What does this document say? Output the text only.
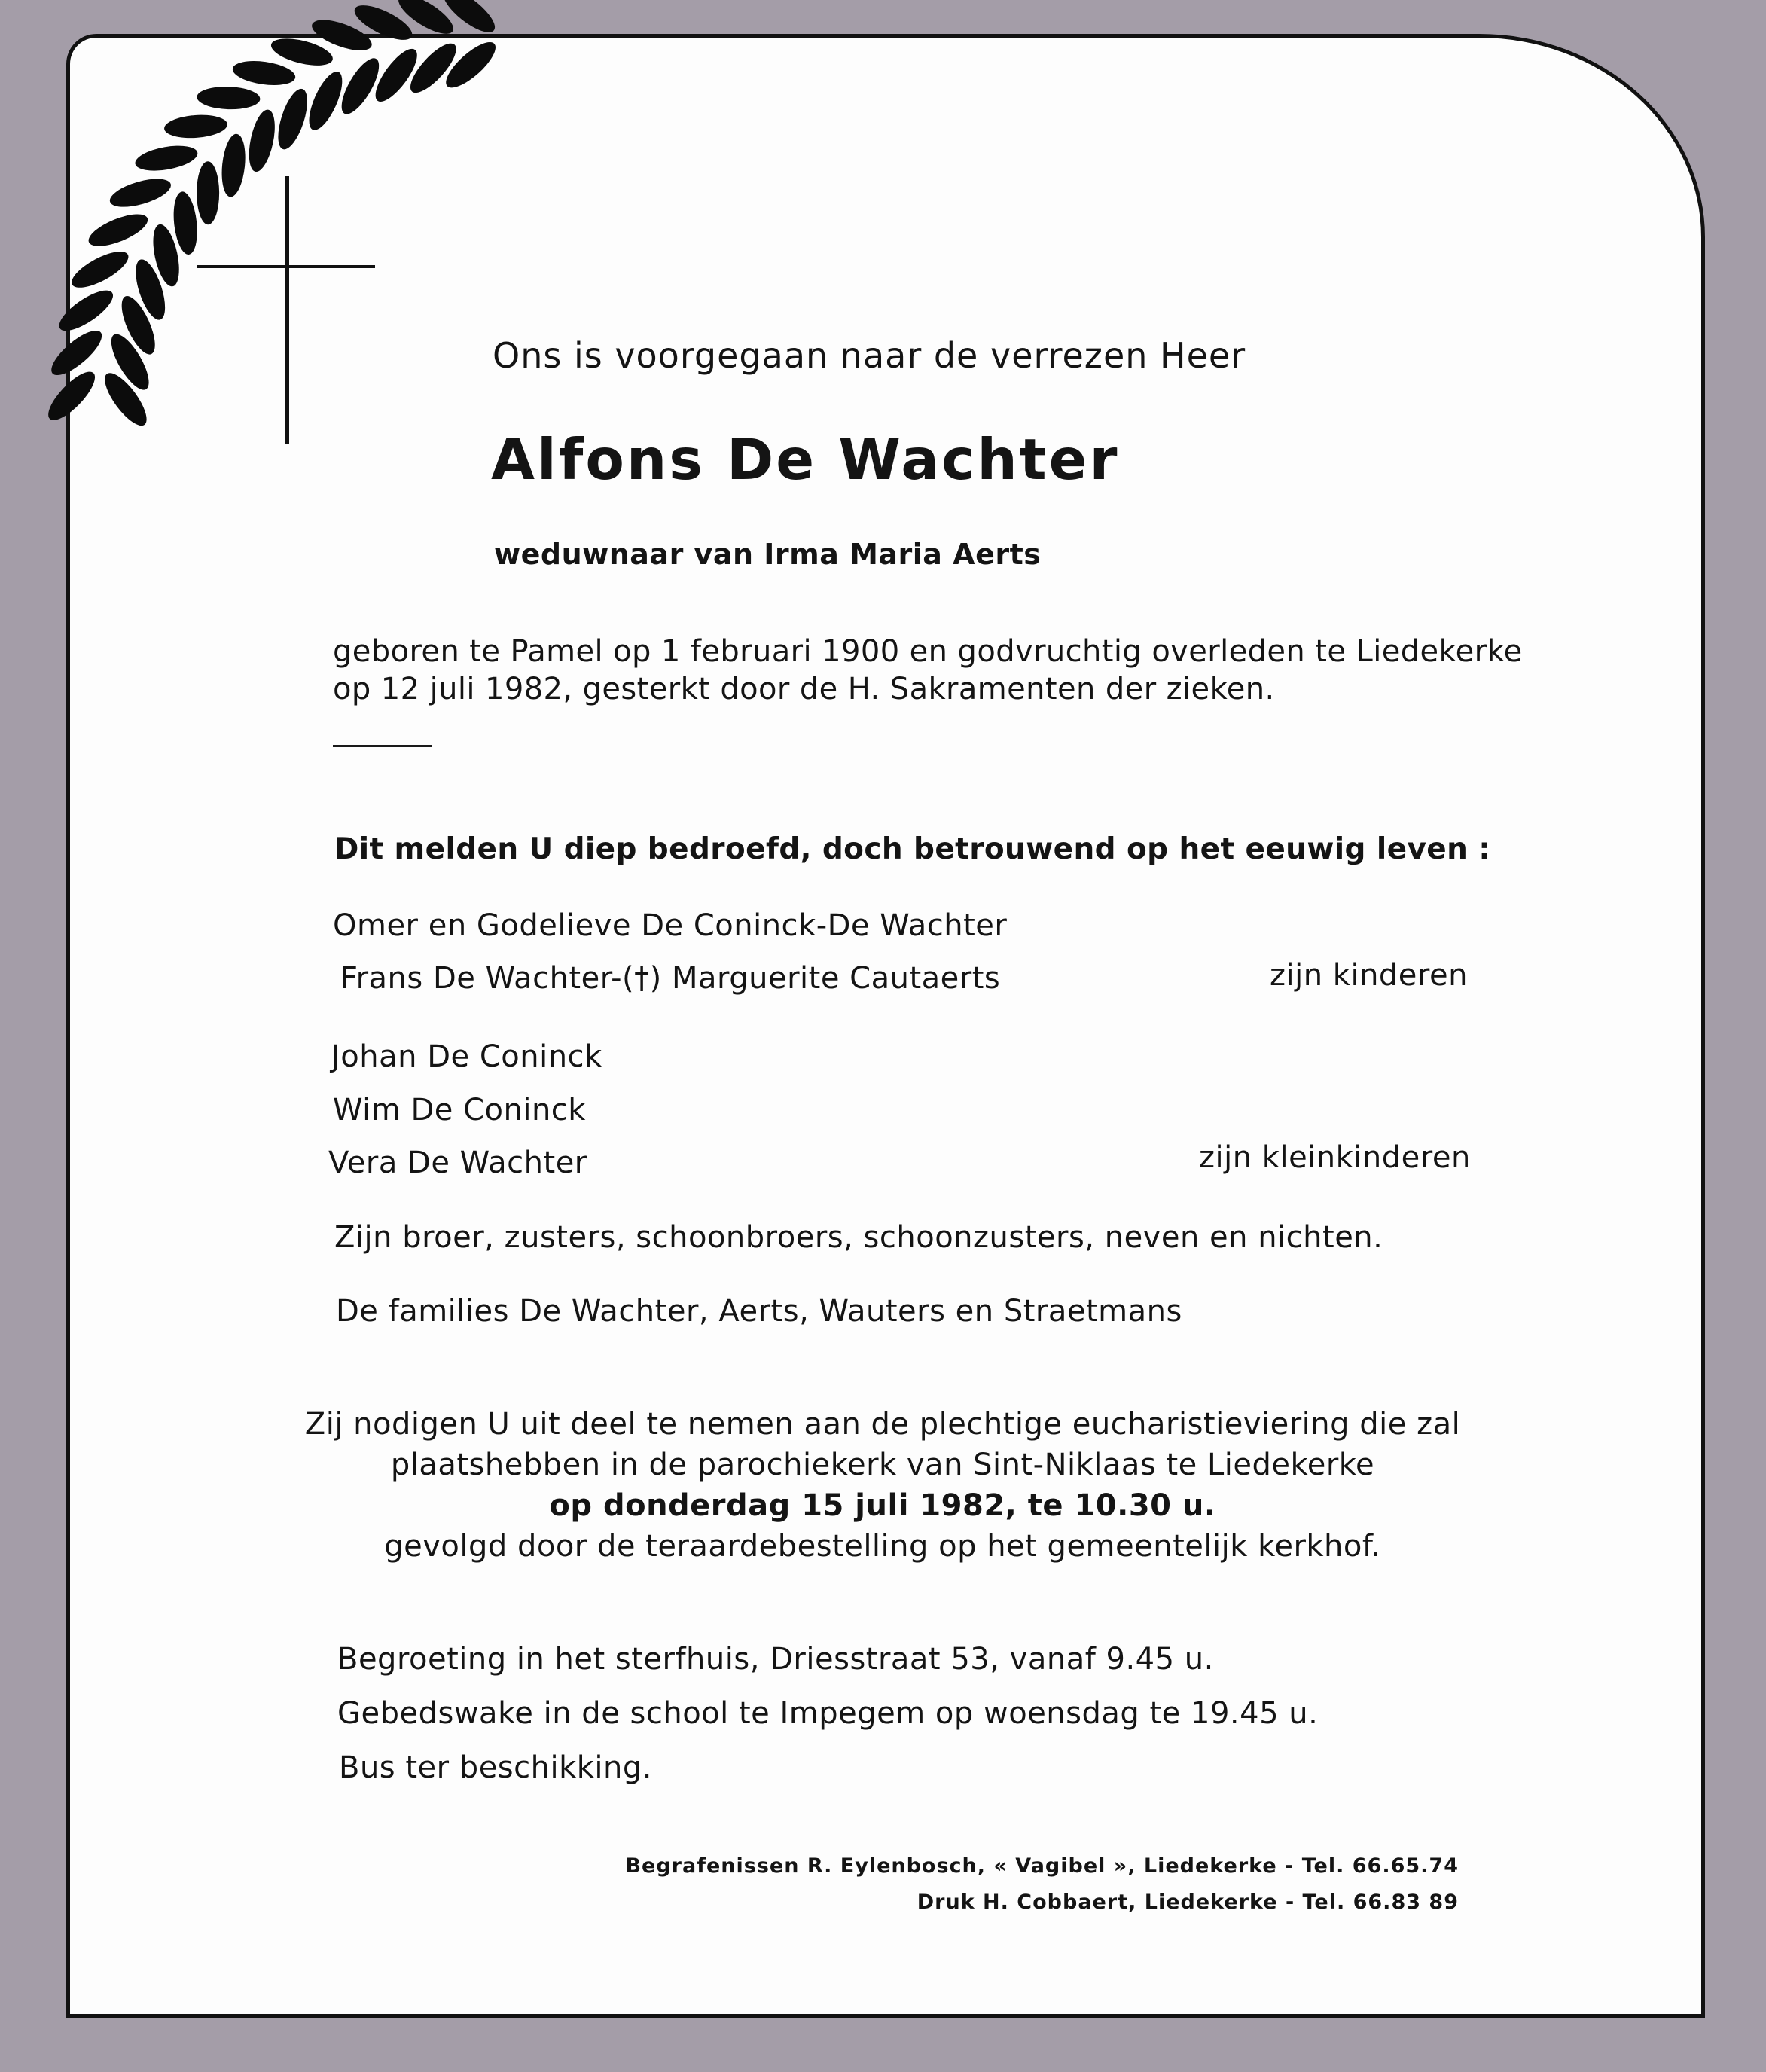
Ons is voorgegaan naar de verrezen Heer
Alfons De Wachter
weduwnaar van Irma Maria Aerts
geboren te Pamel op 1 februari 1900 en godvruchtig overleden te Liedekerke
op 12 juli 1982, gesterkt door de H. Sakramenten der zieken.
Dit melden U diep bedroefd, doch betrouwend op het eeuwig leven :
Omer en Godelieve De Coninck-De Wachter
Frans De Wachter-(†) Marguerite Cautaerts	zijn kinderen
Johan De Coninck
Wim De Coninck
Vera De Wachter	zijn kleinkinderen
Zijn broer, zusters, schoonbroers, schoonzusters, neven en nichten.
De families De Wachter, Aerts, Wauters en Straetmans
Zij nodigen U uit deel te nemen aan de plechtige eucharistieviering die zal
plaatshebben in de parochiekerk van Sint-Niklaas te Liedekerke
op donderdag 15 juli 1982, te 10.30 u.
gevolgd door de teraardebestelling op het gemeentelijk kerkhof.
Begroeting in het sterfhuis, Driesstraat 53, vanaf 9.45 u.
Gebedswake in de school te Impegem op woensdag te 19.45 u.
Bus ter beschikking.
Begrafenissen R. Eylenbosch, « Vagibel », Liedekerke - Tel. 66.65.74
Druk H. Cobbaert, Liedekerke - Tel. 66.83 89
